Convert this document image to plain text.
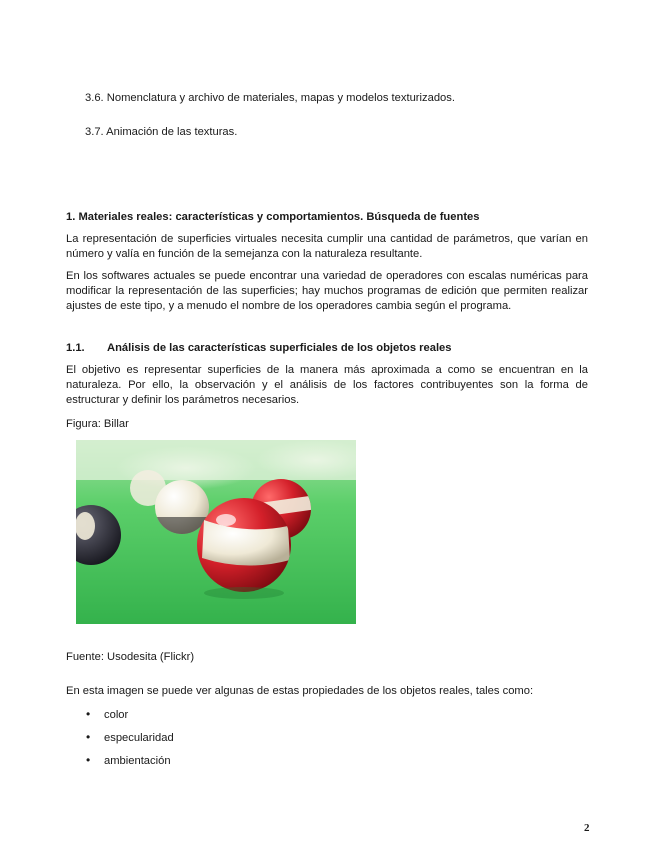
3.6. Nomenclatura y archivo de materiales, mapas y modelos texturizados.
3.7. Animación de las texturas.
1. Materiales reales: características y comportamientos. Búsqueda de fuentes
La representación de superficies virtuales necesita cumplir una cantidad de parámetros, que varían en número y valía en función de la semejanza con la naturaleza resultante.
En los softwares actuales se puede encontrar una variedad de operadores con escalas numéricas para modificar la representación de las superficies; hay muchos programas de edición que permiten realizar ajustes de este tipo, y a menudo el nombre de los operadores cambia según el programa.
1.1. Análisis de las características superficiales de los objetos reales
El objetivo es representar superficies de la manera más aproximada a como se encuentran en la naturaleza. Por ello, la observación y el análisis de los factores contribuyentes son la forma de estructurar y definir los parámetros necesarios.
Figura: Billar
Fuente: Usodesita (Flickr)
En esta imagen se puede ver algunas de estas propiedades de los objetos reales, tales como:
• color
• especularidad
• ambientación
2
